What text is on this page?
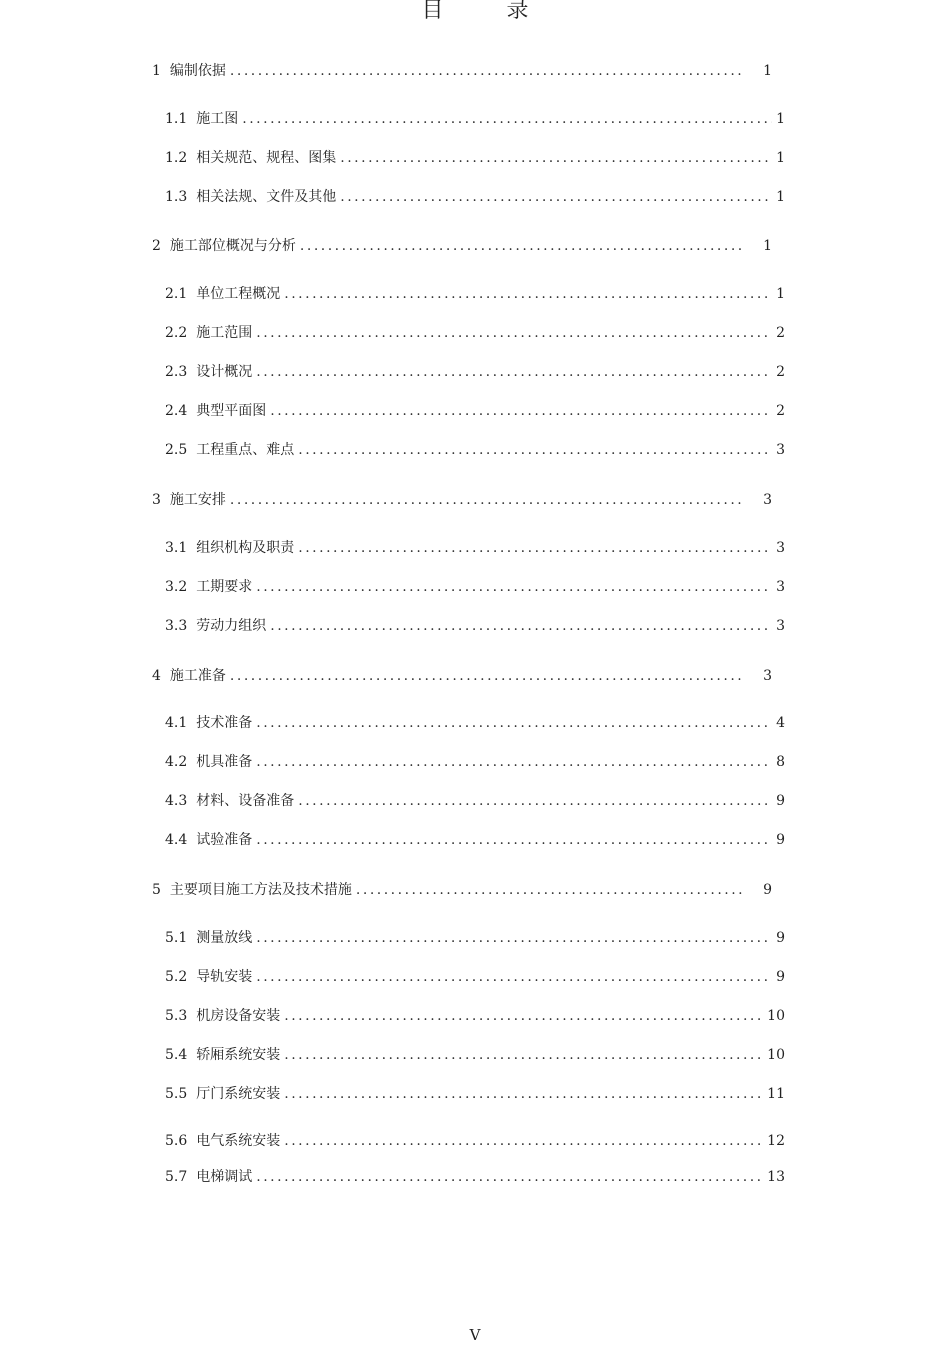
目 录
1 编制依据 .....	1
1.1 施工图 .....	1
1.2 相关规范、规程、图集 .....	1
1.3 相关法规、文件及其他 .....	1
2 施工部位概况与分析 .....	1
2.1 单位工程概况 .....	1
2.2 施工范围 .....	2
2.3 设计概况 .....	2
2.4 典型平面图 .....	2
2.5 工程重点、难点 .....	3
3 施工安排 .....	3
3.1 组织机构及职责 .....	3
3.2 工期要求 .....	3
3.3 劳动力组织 .....	3
4 施工准备 .....	3
4.1 技术准备 .....	4
4.2 机具准备 .....	8
4.3 材料、设备准备 .....	9
4.4 试验准备 .....	9
5 主要项目施工方法及技术措施 .....	9
5.1 测量放线 .....	9
5.2 导轨安装 .....	9
5.3 机房设备安装 .....	10
5.4 轿厢系统安装 .....	10
5.5 厅门系统安装 .....	11
5.6 电气系统安装 .....	12
5.7 电梯调试 .....	13
V
